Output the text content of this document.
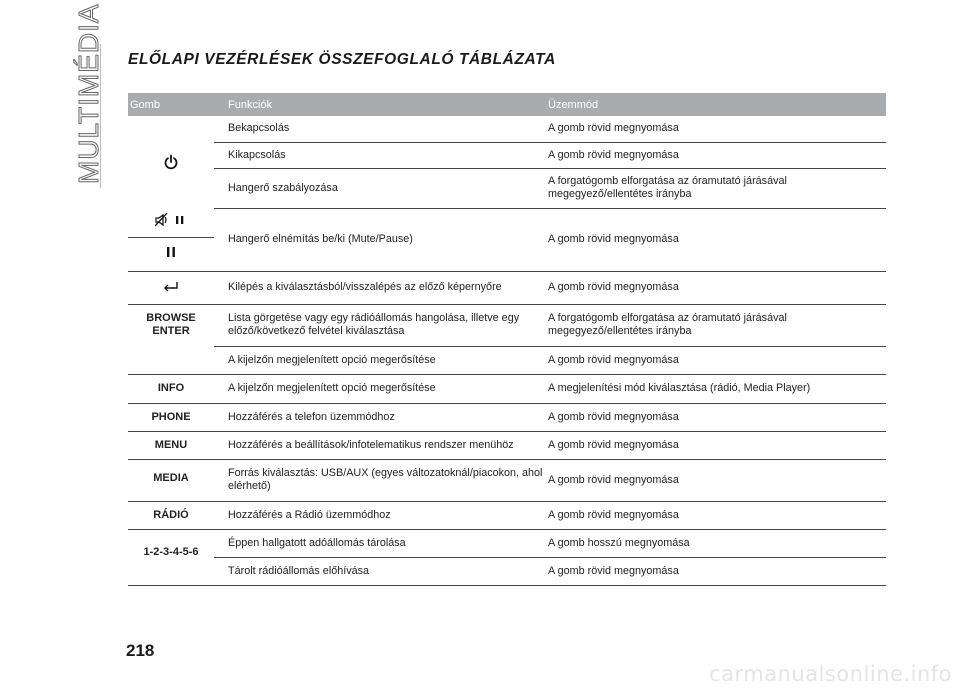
MULTIMÉDIA	ELŐLAPI VEZÉRLÉSEK ÖSSZEFOGLALÓ TÁBLÁZATA
Gomb	Funkciók	Üzemmód
	Bekapcsolás	A gomb rövid megnyomása
	Kikapcsolás	A gomb rövid megnyomása
	Hangerő szabályozása	A forgatógomb elforgatása az óramutató járásával megegyező/ellentétes irányba
	Hangerő elnémítás be/ki (Mute/Pause)	A gomb rövid megnyomása

	Kilépés a kiválasztásból/visszalépés az előző képernyőre	A gomb rövid megnyomása

BROWSE
ENTER	Lista görgetése vagy egy rádióállomás hangolása, illetve egy előző/következő felvétel kiválasztása	A forgatógomb elforgatása az óramutató járásával megegyező/ellentétes irányba
	A kijelzőn megjelenített opció megerősítése	A gomb rövid megnyomása
INFO	A kijelzőn megjelenített opció megerősítése	A megjelenítési mód kiválasztása (rádió, Media Player)
PHONE	Hozzáférés a telefon üzemmódhoz	A gomb rövid megnyomása
MENU	Hozzáférés a beállítások/infotelematikus rendszer menühöz	A gomb rövid megnyomása
MEDIA	Forrás kiválasztás: USB/AUX (egyes változatoknál/piacokon, ahol elérhető)	A gomb rövid megnyomása
RÁDIÓ	Hozzáférés a Rádió üzemmódhoz	A gomb rövid megnyomása
1-2-3-4-5-6	Éppen hallgatott adóállomás tárolása	A gomb hosszú megnyomása
	Tárolt rádióállomás előhívása	A gomb rövid megnyomása
218
carmanualsonline.info
